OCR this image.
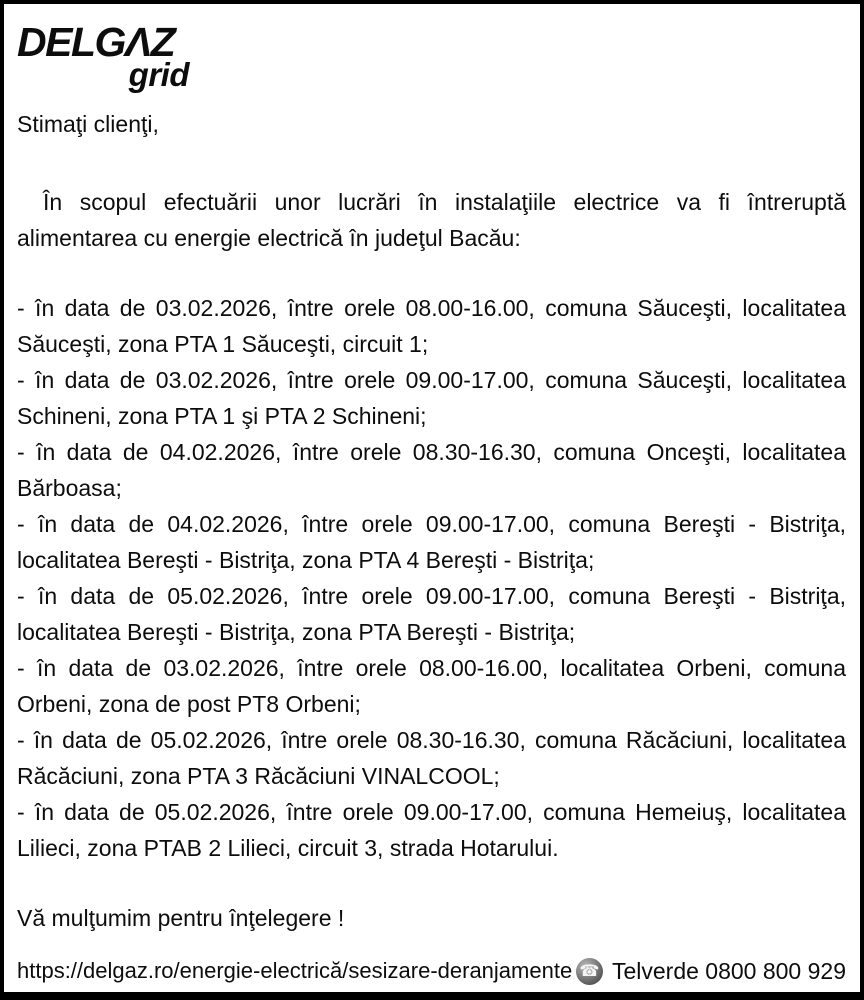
DELGΛZ
grid
Stimaţi clienţi,
În scopul efectuării unor lucrări în instalaţiile electrice va fi întreruptă
alimentarea cu energie electrică în judeţul Bacău:
- în data de 03.02.2026, între orele 08.00-16.00, comuna Săuceşti, localitatea
Săuceşti, zona PTA 1 Săuceşti, circuit 1;
- în data de 03.02.2026, între orele 09.00-17.00, comuna Săuceşti, localitatea
Schineni, zona PTA 1 şi PTA 2 Schineni;
- în data de 04.02.2026, între orele 08.30-16.30, comuna Onceşti, localitatea
Bărboasa;
- în data de 04.02.2026, între orele 09.00-17.00, comuna Bereşti - Bistriţa,
localitatea Bereşti - Bistriţa, zona PTA 4 Bereşti - Bistriţa;
- în data de 05.02.2026, între orele 09.00-17.00, comuna Bereşti - Bistriţa,
localitatea Bereşti - Bistriţa, zona PTA Bereşti - Bistriţa;
- în data de 03.02.2026, între orele 08.00-16.00, localitatea Orbeni, comuna
Orbeni, zona de post PT8 Orbeni;
- în data de 05.02.2026, între orele 08.30-16.30, comuna Răcăciuni, localitatea
Răcăciuni, zona PTA 3 Răcăciuni VINALCOOL;
- în data de 05.02.2026, între orele 09.00-17.00, comuna Hemeiuş, localitatea
Lilieci, zona PTAB 2 Lilieci, circuit 3, strada Hotarului.
Vă mulţumim pentru înţelegere !
https://delgaz.ro/energie-electrică/sesizare-deranjamente ☎ Telverde 0800 800 929
